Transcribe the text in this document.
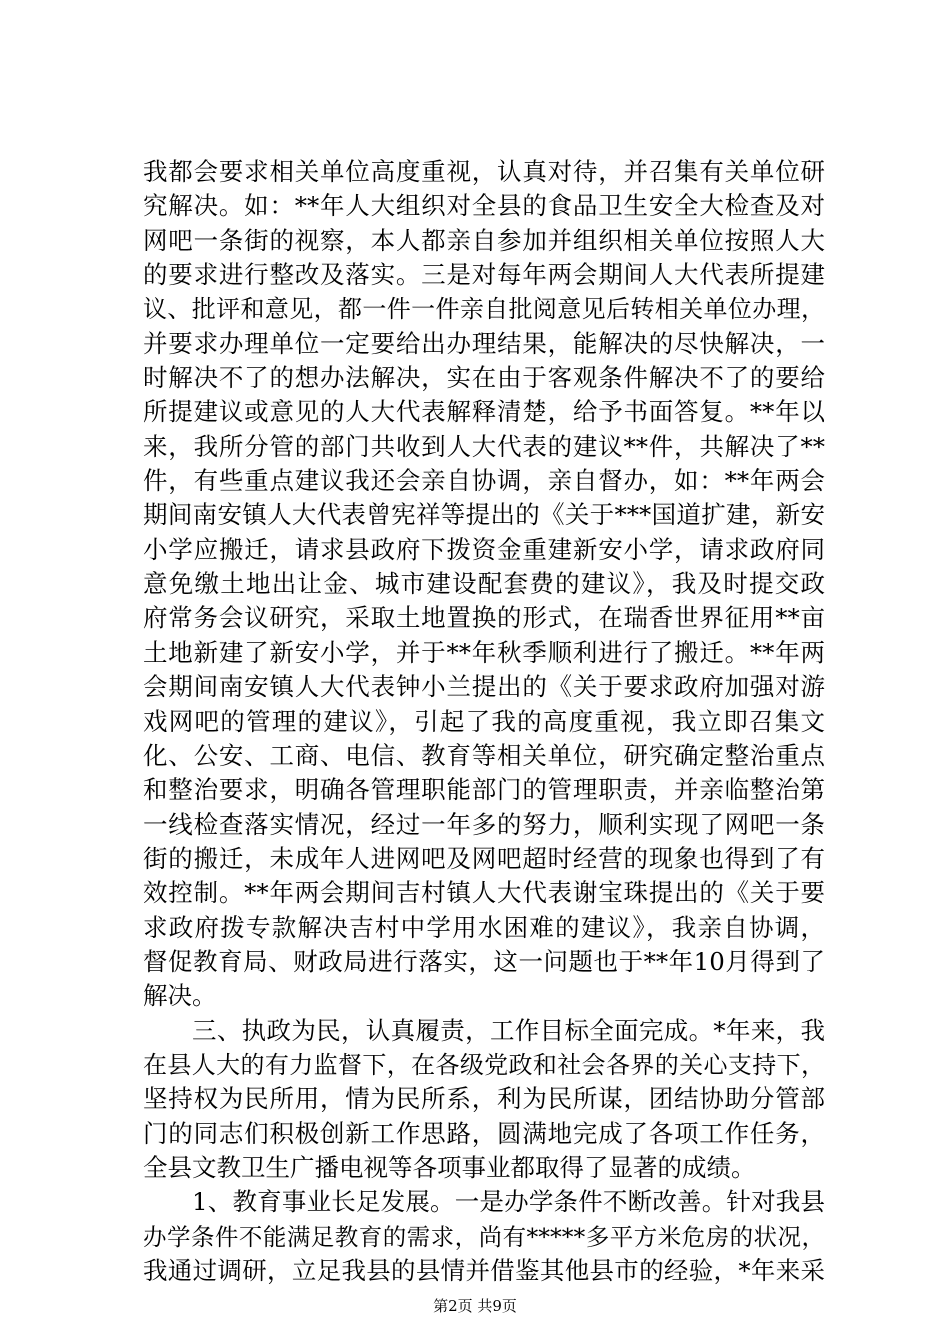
我都会要求相关单位高度重视，认真对待，并召集有关单位研
究解决。如：**年人大组织对全县的食品卫生安全大检查及对
网吧一条街的视察，本人都亲自参加并组织相关单位按照人大
的要求进行整改及落实。三是对每年两会期间人大代表所提建
议、批评和意见，都一件一件亲自批阅意见后转相关单位办理，
并要求办理单位一定要给出办理结果，能解决的尽快解决，一
时解决不了的想办法解决，实在由于客观条件解决不了的要给
所提建议或意见的人大代表解释清楚，给予书面答复。**年以
来，我所分管的部门共收到人大代表的建议**件，共解决了**
件，有些重点建议我还会亲自协调，亲自督办，如：**年两会
期间南安镇人大代表曾宪祥等提出的《关于***国道扩建，新安
小学应搬迁，请求县政府下拨资金重建新安小学，请求政府同
意免缴土地出让金、城市建设配套费的建议》，我及时提交政
府常务会议研究，采取土地置换的形式，在瑞香世界征用**亩
土地新建了新安小学，并于**年秋季顺利进行了搬迁。**年两
会期间南安镇人大代表钟小兰提出的《关于要求政府加强对游
戏网吧的管理的建议》，引起了我的高度重视，我立即召集文
化、公安、工商、电信、教育等相关单位，研究确定整治重点
和整治要求，明确各管理职能部门的管理职责，并亲临整治第
一线检查落实情况，经过一年多的努力，顺利实现了网吧一条
街的搬迁，未成年人进网吧及网吧超时经营的现象也得到了有
效控制。**年两会期间吉村镇人大代表谢宝珠提出的《关于要
求政府拨专款解决吉村中学用水困难的建议》，我亲自协调，
督促教育局、财政局进行落实，这一问题也于**年10月得到了
解决。
三、执政为民，认真履责，工作目标全面完成。*年来，我
在县人大的有力监督下，在各级党政和社会各界的关心支持下，
坚持权为民所用，情为民所系，利为民所谋，团结协助分管部
门的同志们积极创新工作思路，圆满地完成了各项工作任务，
全县文教卫生广播电视等各项事业都取得了显著的成绩。
1、教育事业长足发展。一是办学条件不断改善。针对我县
办学条件不能满足教育的需求，尚有*****多平方米危房的状况，
我通过调研，立足我县的县情并借鉴其他县市的经验，*年来采
第2页 共9页
